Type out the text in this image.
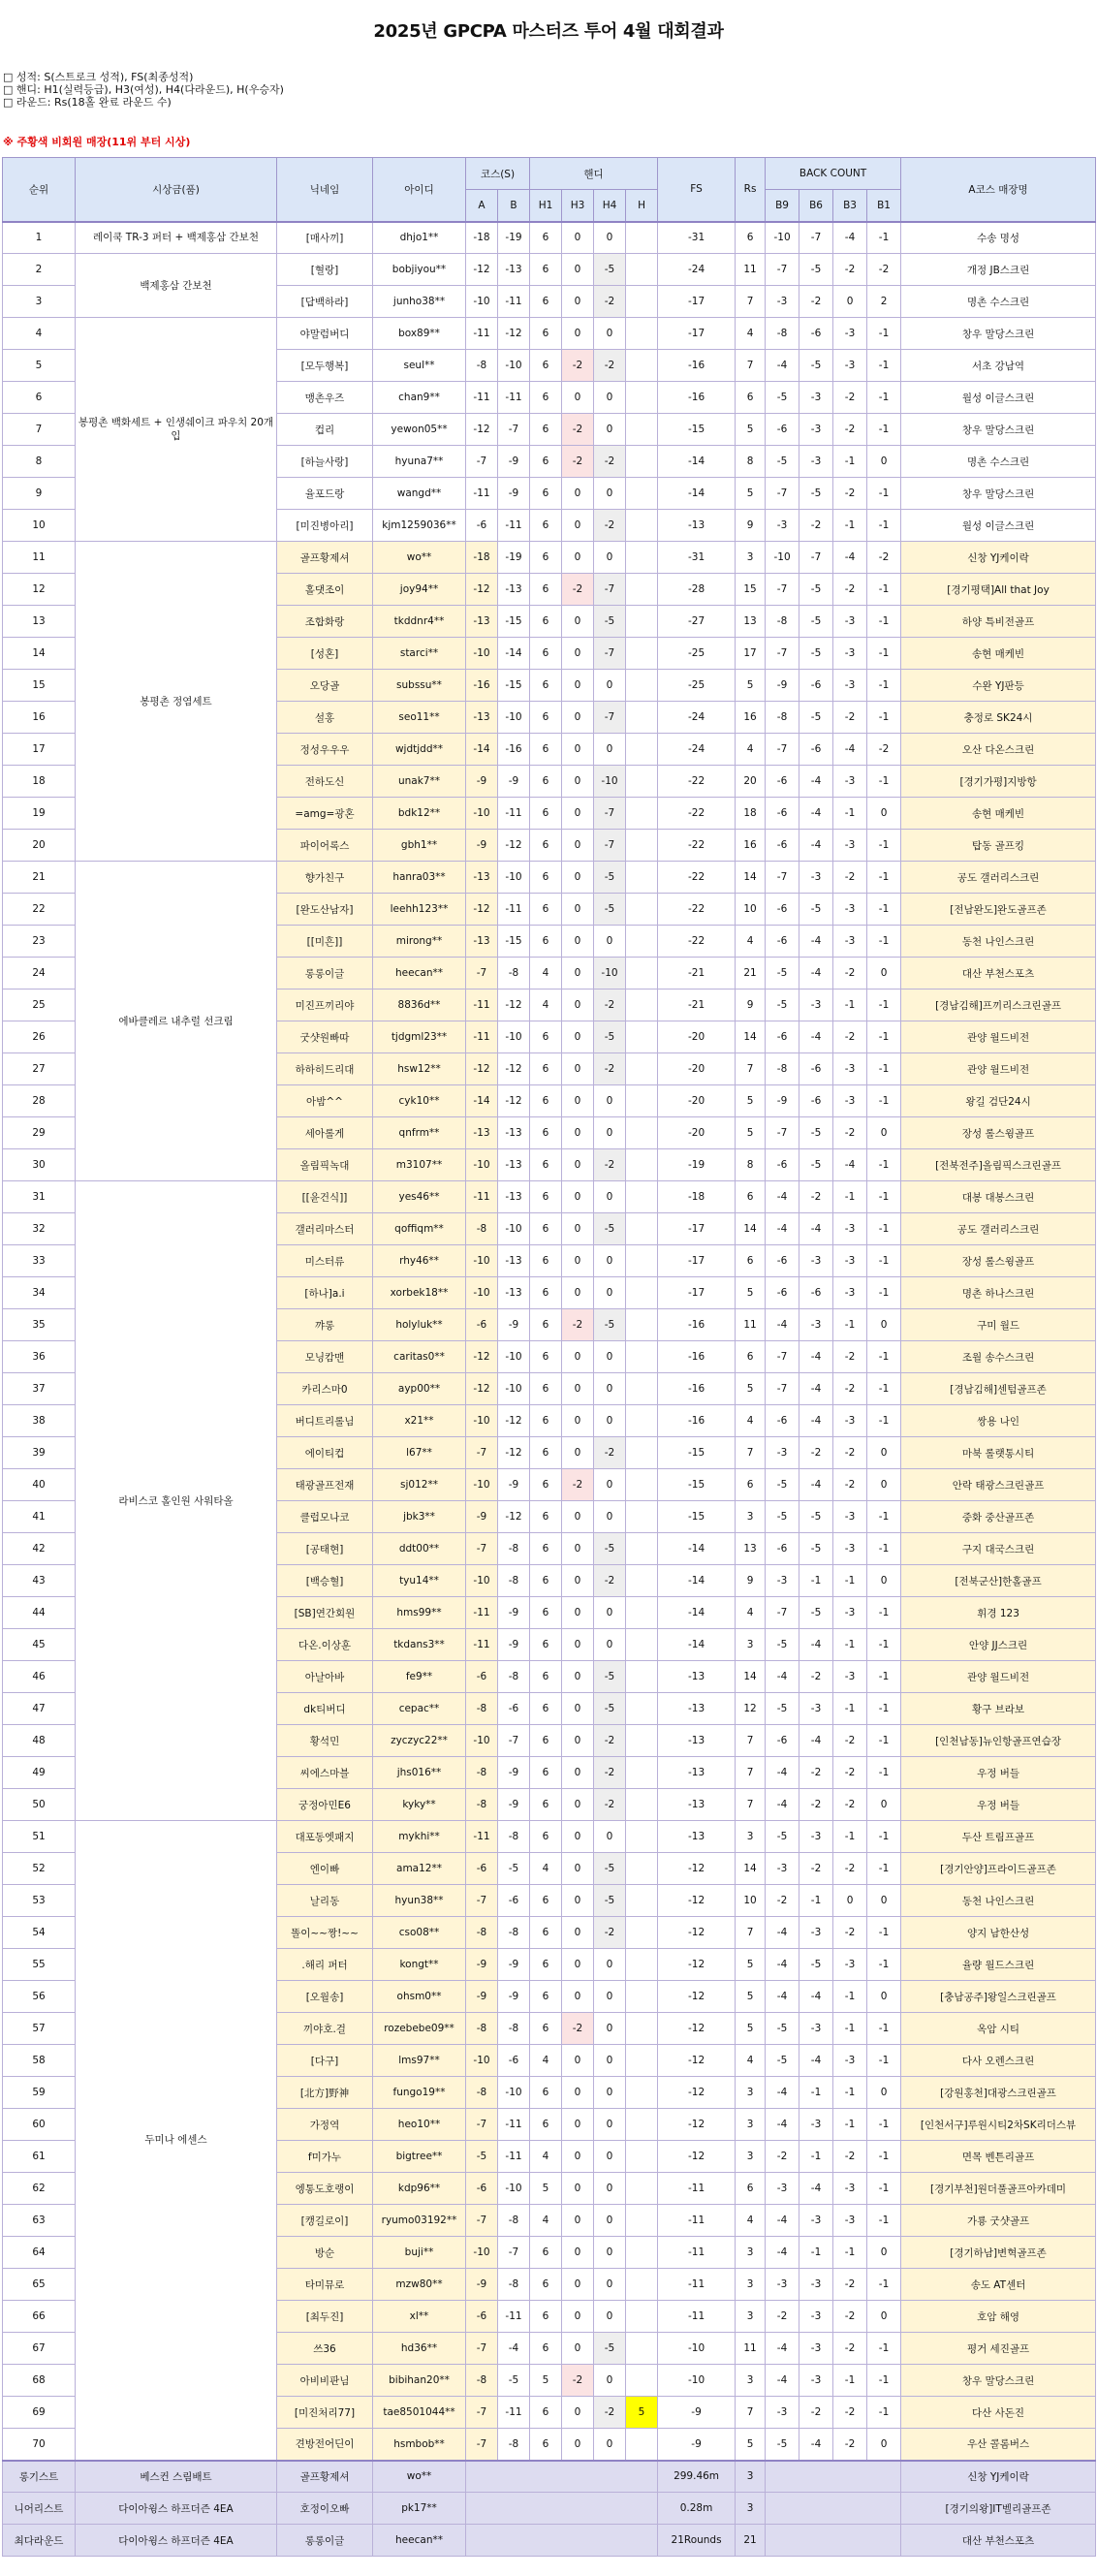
2025년 GPCPA 마스터즈 투어 4월 대회결과
□ 성적: S(스트로크 성적), FS(최종성적)
□ 핸디: H1(실력등급), H3(여성), H4(다라운드), H(우승자)
□ 라운드: Rs(18홀 완료 라운드 수)
※ 주황색 비회원 매장(11위 부터 시상)
순위	시상금(품)	닉네임	아이디	코스(S)		핸디				FS	Rs	BACK COUNT				A코스 매장명
				A	B	H1	H3	H4	H			B9	B6	B3	B1	
1	레이쿡 TR-3 퍼터 + 백제홍삼 간보천	[매사끼]	dhjo1**	-18	-19	6	0	0		-31	6	-10	-7	-4	-1	수송 명성
2	백제홍삼 간보천	[혈랑]	bobjiyou**	-12	-13	6	0	-5		-24	11	-7	-5	-2	-2	개정 JB스크린
3		[답백하라]	junho38**	-10	-11	6	0	-2		-17	7	-3	-2	0	2	명촌 수스크린
4	봉평촌 백화세트 + 인생쉐이크 파우치 20개입	야말럼버디	box89**	-11	-12	6	0	0		-17	4	-8	-6	-3	-1	창우 말당스크린
5		[모두행복]	seul**	-8	-10	6	-2	-2		-16	7	-4	-5	-3	-1	서초 강남역
6		맹촌우즈	chan9**	-11	-11	6	0	0		-16	6	-5	-3	-2	-1	월성 이글스크린
7		컵리	yewon05**	-12	-7	6	-2	0		-15	5	-6	-3	-2	-1	창우 말당스크린
8		[하늘사랑]	hyuna7**	-7	-9	6	-2	-2		-14	8	-5	-3	-1	0	명촌 수스크린
9		율포드랑	wangd**	-11	-9	6	0	0		-14	5	-7	-5	-2	-1	창우 말당스크린
10		[미진병아리]	kjm1259036**	-6	-11	6	0	-2		-13	9	-3	-2	-1	-1	월성 이글스크린
11	봉평촌 정염세트	골프황제셔	wo**	-18	-19	6	0	0		-31	3	-10	-7	-4	-2	신창 YJ케이락
12		홀댓조이	joy94**	-12	-13	6	-2	-7		-28	15	-7	-5	-2	-1	[경기평택]All that Joy
13		조합화랑	tkddnr4**	-13	-15	6	0	-5		-27	13	-8	-5	-3	-1	하양 특비전골프
14		[성혼]	starci**	-10	-14	6	0	-7		-25	17	-7	-5	-3	-1	송현 매케빈
15		오당골	subssu**	-16	-15	6	0	0		-25	5	-9	-6	-3	-1	수완 YJ판등
16		설홍	seo11**	-13	-10	6	0	-7		-24	16	-8	-5	-2	-1	충정로 SK24시
17		정성우우우	wjdtjdd**	-14	-16	6	0	0		-24	4	-7	-6	-4	-2	오산 다온스크린
18		전하도신	unak7**	-9	-9	6	0	-10		-22	20	-6	-4	-3	-1	[경기가평]지방항
19		=amg=광혼	bdk12**	-10	-11	6	0	-7		-22	18	-6	-4	-1	0	송현 매케빈
20		파이어록스	gbh1**	-9	-12	6	0	-7		-22	16	-6	-4	-3	-1	탑동 골프킹
21	에바클레르 내추럴 선크림	향가친구	hanra03**	-13	-10	6	0	-5		-22	14	-7	-3	-2	-1	공도 갤러리스크린
22		[완도산남자]	leehh123**	-12	-11	6	0	-5		-22	10	-6	-5	-3	-1	[전남완도]완도골프존
23		[[미흔]]	mirong**	-13	-15	6	0	0		-22	4	-6	-4	-3	-1	동천 나인스크린
24		롱롱이글	heecan**	-7	-8	4	0	-10		-21	21	-5	-4	-2	0	대산 부천스포츠
25		미진프끼리야	8836d**	-11	-12	4	0	-2		-21	9	-5	-3	-1	-1	[경남김해]프끼리스크린골프
26		굿샷원빠따	tjdgml23**	-11	-10	6	0	-5		-20	14	-6	-4	-2	-1	관양 월드비전
27		하하히드리대	hsw12**	-12	-12	6	0	-2		-20	7	-8	-6	-3	-1	관양 월드비전
28		아밤^^	cyk10**	-14	-12	6	0	0		-20	5	-9	-6	-3	-1	왕길 검단24시
29		세아롤게	qnfrm**	-13	-13	6	0	0		-20	5	-7	-5	-2	0	장성 롤스윙골프
30		올림픽녹대	m3107**	-10	-13	6	0	-2		-19	8	-6	-5	-4	-1	[전북전주]올림픽스크린골프
31	라비스코 홀인원 사워타올	[[윤건식]]	yes46**	-11	-13	6	0	0		-18	6	-4	-2	-1	-1	대봉 대봉스크린
32		갤러리마스터	qoffiqm**	-8	-10	6	0	-5		-17	14	-4	-4	-3	-1	공도 갤러리스크린
33		미스터류	rhy46**	-10	-13	6	0	0		-17	6	-6	-3	-3	-1	장성 롤스윙골프
34		[하나]a.i	xorbek18**	-10	-13	6	0	0		-17	5	-6	-6	-3	-1	명촌 하나스크린
35		꺄롱	holyluk**	-6	-9	6	-2	-5		-16	11	-4	-3	-1	0	구미 월드
36		모닝캄맨	caritas0**	-12	-10	6	0	0		-16	6	-7	-4	-2	-1	조월 송수스크린
37		카리스마0	ayp00**	-12	-10	6	0	0		-16	5	-7	-4	-2	-1	[경남김해]센텀골프존
38		버디트리롤님	x21**	-10	-12	6	0	0		-16	4	-6	-4	-3	-1	쌍용 나인
39		에이티컵	l67**	-7	-12	6	0	-2		-15	7	-3	-2	-2	0	마북 롤랫통시티
40		태광골프전재	sj012**	-10	-9	6	-2	0		-15	6	-5	-4	-2	0	안락 태광스크린골프
41		클럽모나코	jbk3**	-9	-12	6	0	0		-15	3	-5	-5	-3	-1	중화 중산골프존
42		[공태현]	ddt00**	-7	-8	6	0	-5		-14	13	-6	-5	-3	-1	구지 대국스크린
43		[백승혈]	tyu14**	-10	-8	6	0	-2		-14	9	-3	-1	-1	0	[전북군산]한홀골프
44		[SB]연간회원	hms99**	-11	-9	6	0	0		-14	4	-7	-5	-3	-1	휘경 123
45		다온.이상훈	tkdans3**	-11	-9	6	0	0		-14	3	-5	-4	-1	-1	안양 JJ스크린
46		아날아바	fe9**	-6	-8	6	0	-5		-13	14	-4	-2	-3	-1	관양 월드비전
47		dk티버디	cepac**	-8	-6	6	0	-5		-13	12	-5	-3	-1	-1	황구 브라보
48		황석민	zyczyc22**	-10	-7	6	0	-2		-13	7	-6	-4	-2	-1	[인천남동]뉴인항골프연습장
49		씨에스마블	jhs016**	-8	-9	6	0	-2		-13	7	-4	-2	-2	-1	우정 버들
50		궁정아민E6	kyky**	-8	-9	6	0	-2		-13	7	-4	-2	-2	0	우정 버들
51	두미나 에센스	대포동엣패지	mykhi**	-11	-8	6	0	0		-13	3	-5	-3	-1	-1	두산 트림프골프
52		엔이빠	ama12**	-6	-5	4	0	-5		-12	14	-3	-2	-2	-1	[경기안양]프라이드골프존
53		날리동	hyun38**	-7	-6	6	0	-5		-12	10	-2	-1	0	0	동천 나인스크린
54		똘이~~짱!~~	cso08**	-8	-8	6	0	-2		-12	7	-4	-3	-2	-1	양지 남한산성
55		.해리 퍼터	kongt**	-9	-9	6	0	0		-12	5	-4	-5	-3	-1	율량 월드스크린
56		[오월송]	ohsm0**	-9	-9	6	0	0		-12	5	-4	-4	-1	0	[충남공주]왕일스크린골프
57		끼야호.걸	rozebebe09**	-8	-8	6	-2	0		-12	5	-5	-3	-1	-1	옥암 시티
58		[다구]	lms97**	-10	-6	4	0	0		-12	4	-5	-4	-3	-1	다사 오렌스크린
59		[北方]野神	fungo19**	-8	-10	6	0	0		-12	3	-4	-1	-1	0	[강원홍천]대광스크린골프
60		가정역	heo10**	-7	-11	6	0	0		-12	3	-4	-3	-1	-1	[인천서구]루원시티2차SK리더스뷰
61		f미가누	bigtree**	-5	-11	4	0	0		-12	3	-2	-1	-2	-1	면목 벤튼리골프
62		엥통도호랭이	kdp96**	-6	-10	5	0	0		-11	6	-3	-4	-3	-1	[경기부천]원더풀골프아카데미
63		[캥길로이]	ryumo03192**	-7	-8	4	0	0		-11	4	-4	-3	-3	-1	가룡 굿샷골프
64		방순	buji**	-10	-7	6	0	0		-11	3	-4	-1	-1	0	[경기하남]변혁골프존
65		타미뮤로	mzw80**	-9	-8	6	0	0		-11	3	-3	-3	-2	-1	송도 AT센터
66		[최두진]	xl**	-6	-11	6	0	0		-11	3	-2	-3	-2	0	호암 해영
67		쓰36	hd36**	-7	-4	6	0	-5		-10	11	-4	-3	-2	-1	평거 세진골프
68		아비비판님	bibihan20**	-8	-5	5	-2	0		-10	3	-4	-3	-1	-1	창우 말당스크린
69		[미진처리77]	tae8501044**	-7	-11	6	0	-2	5	-9	7	-3	-2	-2	-1	다산 사돈진
70		견방전어딘이	hsmbob**	-7	-8	6	0	0		-9	5	-5	-4	-2	0	우산 콜롬버스
롱기스트	베스컨 스림배트	골프황제셔	wo**							299.46m	3					신창 YJ케이락
니어리스트	다이아윙스 하프더즌 4EA	호정이오빠	pk17**							0.28m	3					[경기의왕]IT벨리골프존
최다라운드	다이아윙스 하프더즌 4EA	롱롱이글	heecan**							21Rounds	21					대산 부천스포츠
